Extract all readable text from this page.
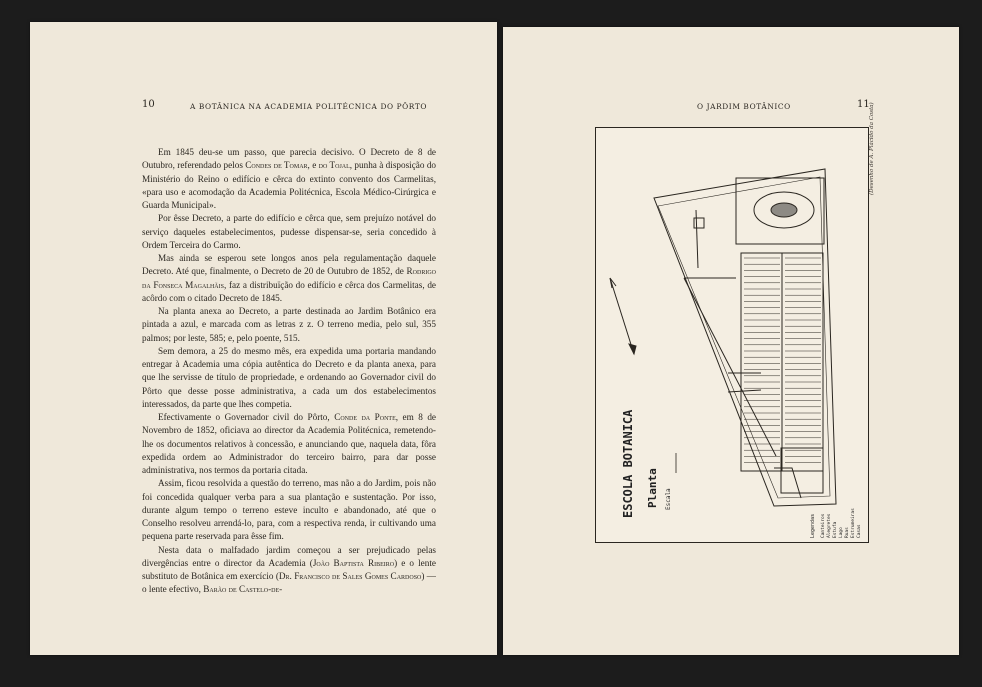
10	A BOTÂNICA NA ACADEMIA POLITÉCNICA DO PÔRTO

Em 1845 deu-se um passo, que parecia decisivo. O Decreto de 8 de Outubro, referendado pelos Condes de Tomar, e do Tojal, punha à disposição do Ministério do Reino o edifício e cêrca do extinto convento dos Carmelitas, «para uso e acomodação da Academia Politécnica, Escola Médico-Cirúrgica e Guarda Municipal».

Por êsse Decreto, a parte do edifício e cêrca que, sem prejuízo notável do serviço daqueles estabelecimentos, pudesse dispensar-se, seria concedido à Ordem Terceira do Carmo.

Mas ainda se esperou sete longos anos pela regulamentação daquele Decreto. Até que, finalmente, o Decreto de 20 de Outubro de 1852, de Rodrigo da Fonseca Magalhãis, faz a distribuïção do edifício e cêrca dos Carmelitas, de acôrdo com o citado Decreto de 1845.

Na planta anexa ao Decreto, a parte destinada ao Jardim Botânico era pintada a azul, e marcada com as letras z z. O terreno media, pelo sul, 355 palmos; por leste, 585; e, pelo poente, 515.

Sem demora, a 25 do mesmo mês, era expedida uma portaria mandando entregar à Academia uma cópia autêntica do Decreto e da planta anexa, para que lhe servisse de título de propriedade, e ordenando ao Governador civil do Pôrto que desse posse administrativa, a cada um dos estabelecimentos interessados, da parte que lhes competia.

Efectivamente o Governador civil do Pôrto, Conde da Ponte, em 8 de Novembro de 1852, oficiava ao director da Academia Politécnica, remetendo-lhe os documentos relativos à concessão, e anunciando que, naquela data, fôra expedida ordem ao Administrador do terceiro bairro, para dar posse administrativa, nos termos da portaria citada.

Assim, ficou resolvida a questão do terreno, mas não a do Jardim, pois não foi concedida qualquer verba para a sua plantação e sustentação. Por isso, durante algum tempo o terreno esteve inculto e abandonado, até que o Conselho resolveu arrendá-lo, para, com a respectiva renda, ir cultivando uma pequena parte reservada para êsse fim.

Nesta data o malfadado jardim começou a ser prejudicado pelas divergências entre o director da Academia (João Baptista Ribeiro) e o lente substituto de Botânica em exercício (Dr. Francisco de Sales Gomes Cardoso) — o lente efectivo, Barão de Castelo-de-

O JARDIM BOTÂNICO	11
ESCOLA BOTANICA Planta Escala
Legendas Canteiros Alegretes Estufa Lago Ruas Estrumeiras Casas
(Desenho de A. Plácido da Costa)
